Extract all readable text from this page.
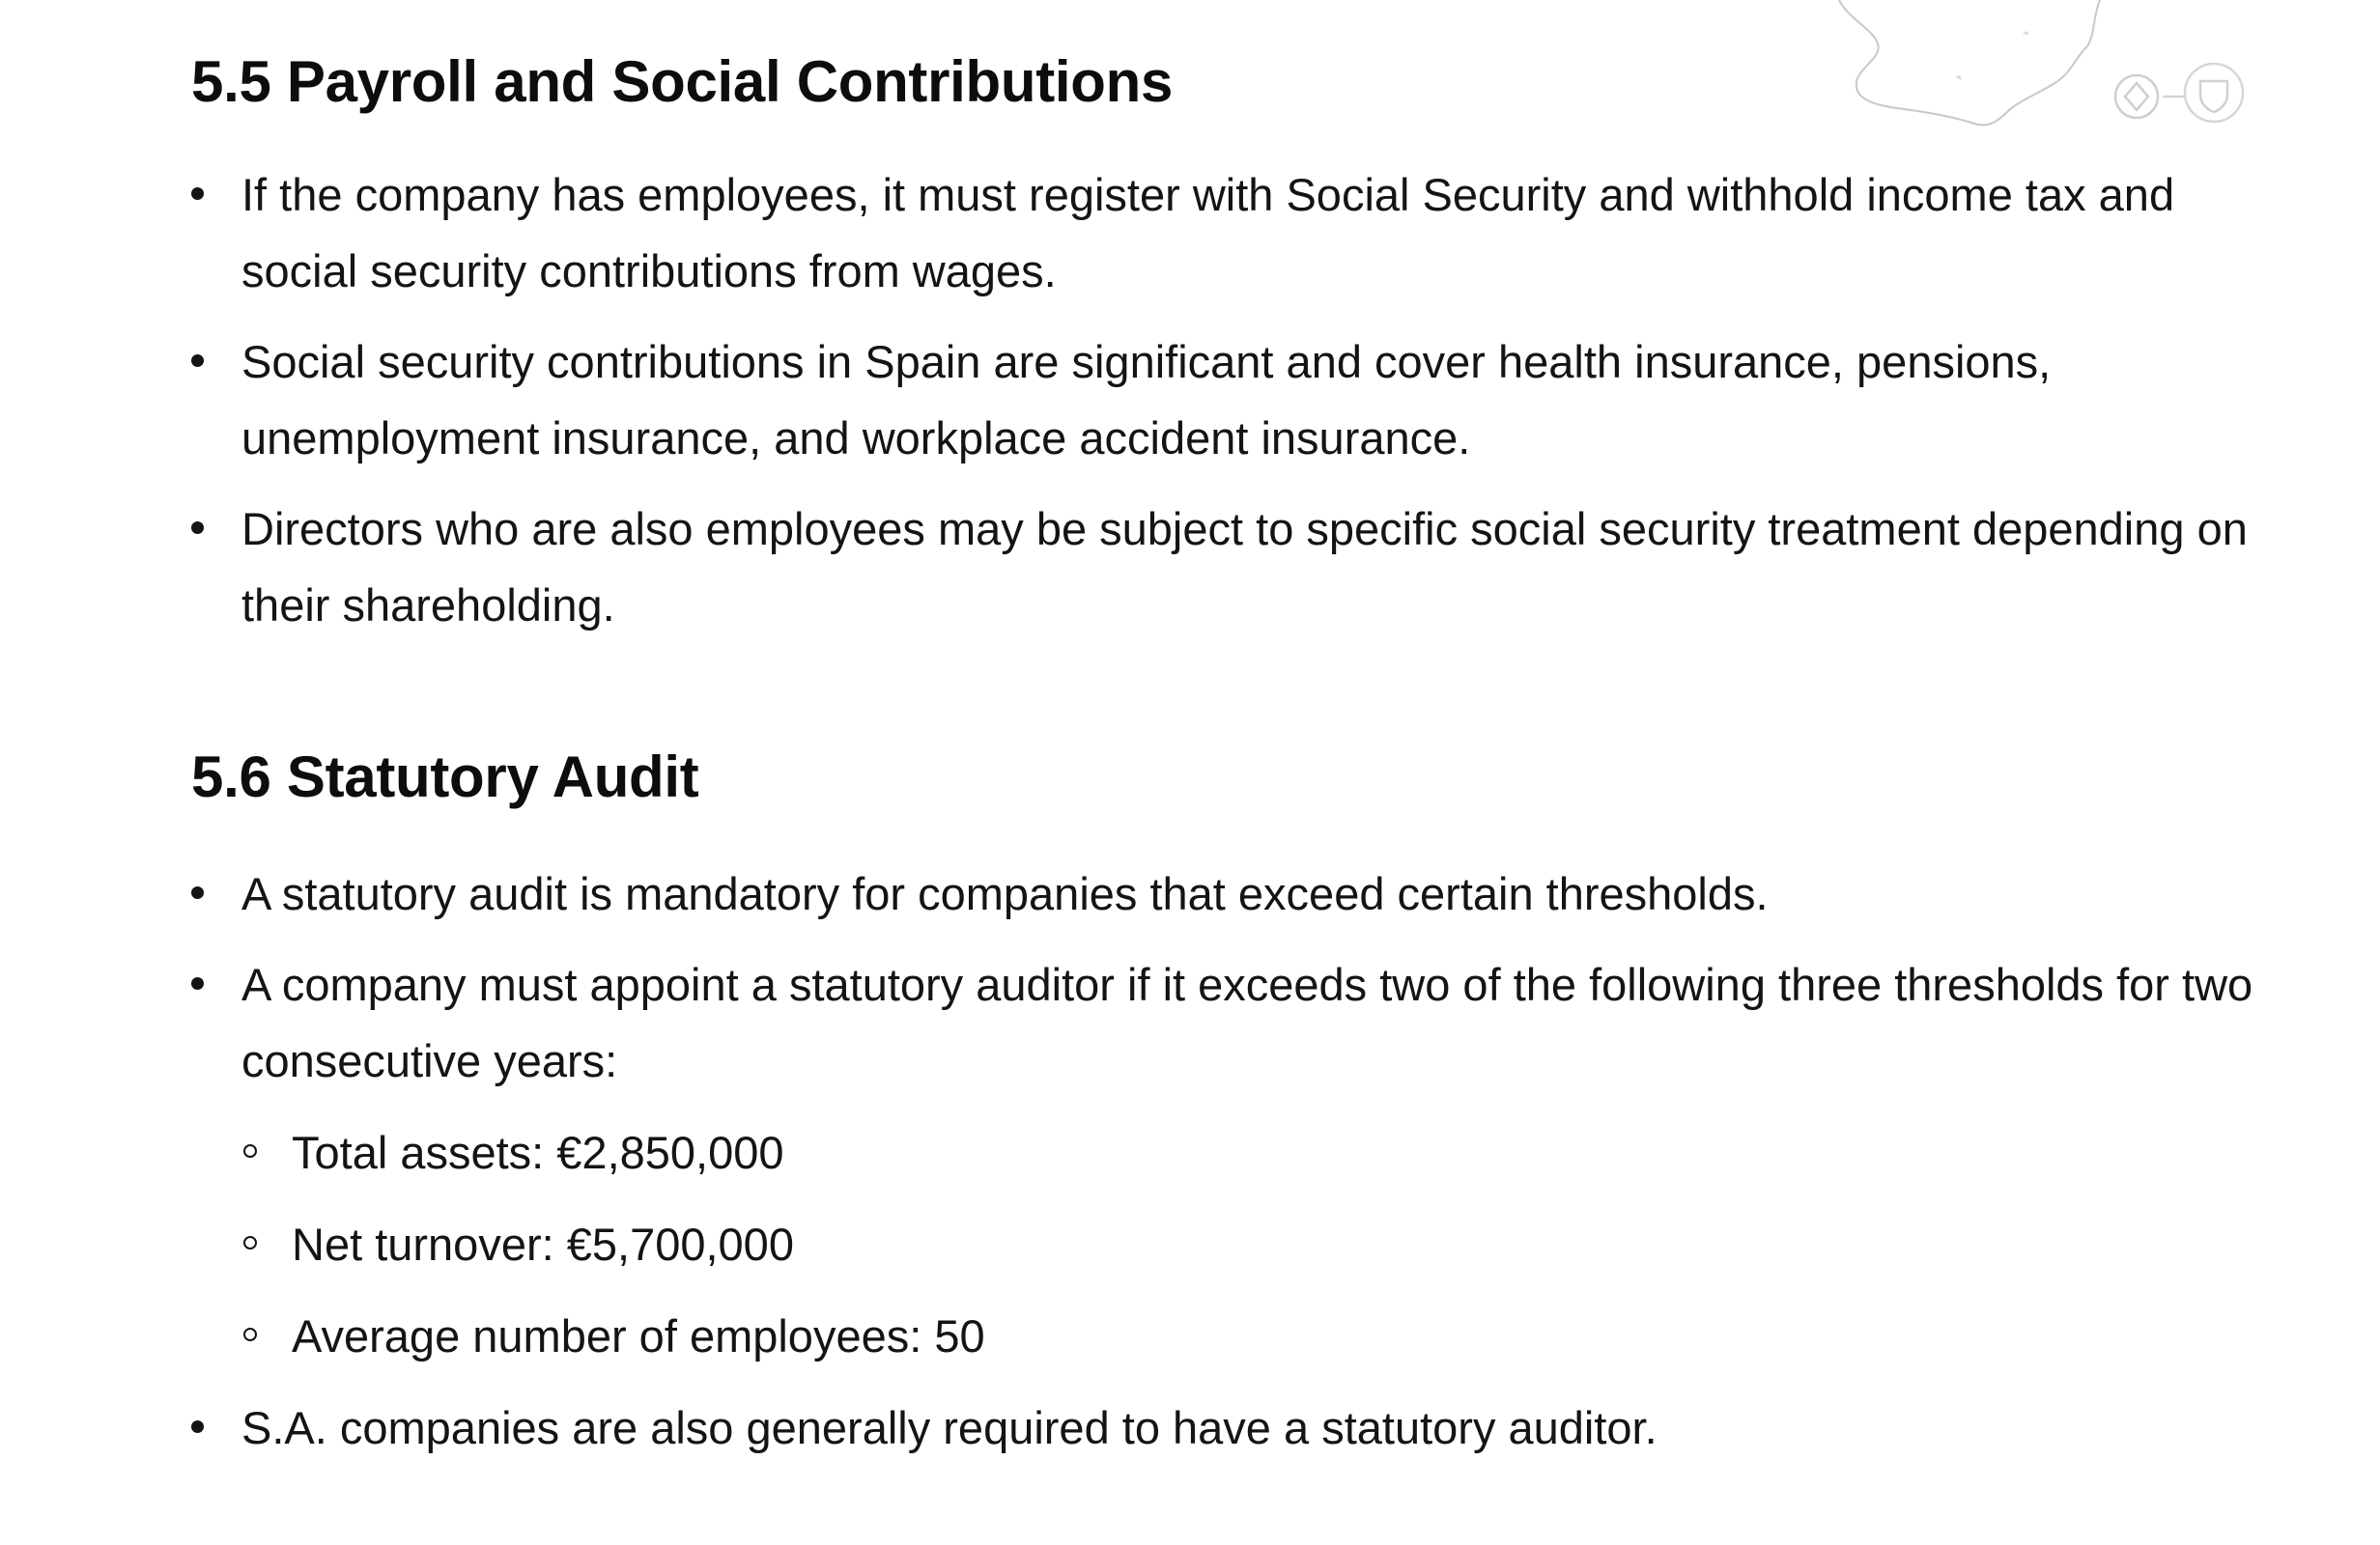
5.5 Payroll and Social Contributions
If the company has employees, it must register with Social Security and withhold income tax and social security contributions from wages.
Social security contributions in Spain are significant and cover health insurance, pensions, unemployment insurance, and workplace accident insurance.
Directors who are also employees may be subject to specific social security treatment depending on their shareholding.
5.6 Statutory Audit
A statutory audit is mandatory for companies that exceed certain thresholds.
A company must appoint a statutory auditor if it exceeds two of the following three thresholds for two consecutive years:
Total assets: €2,850,000
Net turnover: €5,700,000
Average number of employees: 50
S.A. companies are also generally required to have a statutory auditor.
